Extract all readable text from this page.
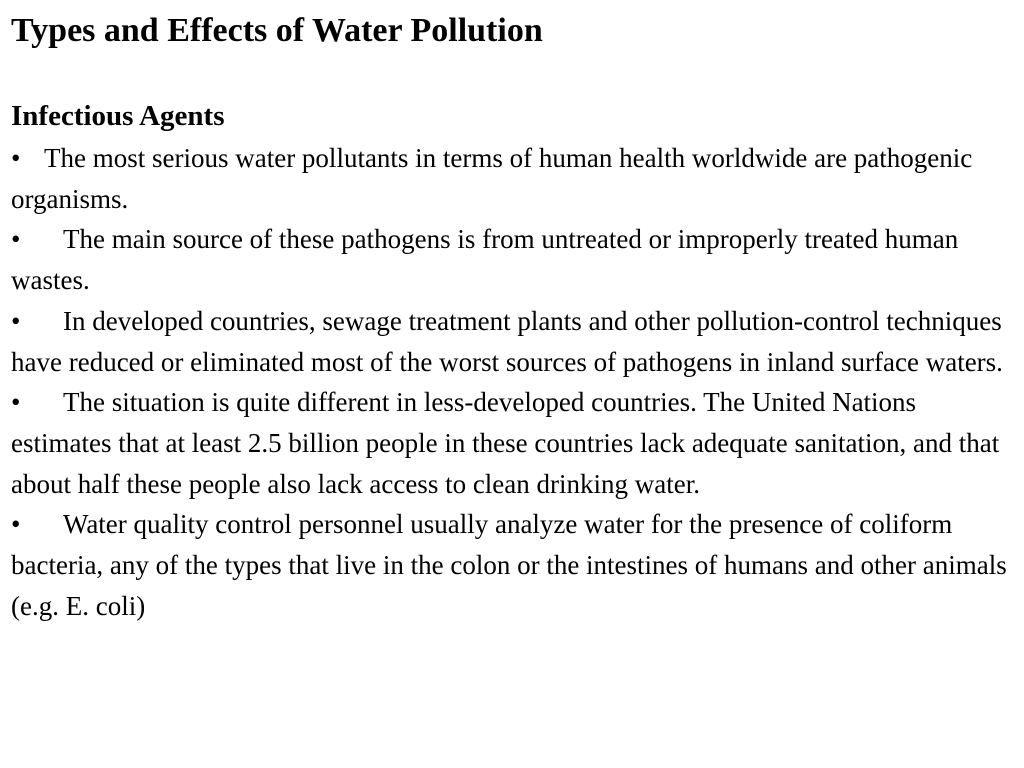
Types and Effects of Water Pollution
Infectious Agents
• The most serious water pollutants in terms of human health worldwide are pathogenic organisms.
• The main source of these pathogens is from untreated or improperly treated human wastes.
• In developed countries, sewage treatment plants and other pollution-control techniques have reduced or eliminated most of the worst sources of pathogens in inland surface waters.
• The situation is quite different in less-developed countries. The United Nations estimates that at least 2.5 billion people in these countries lack adequate sanitation, and that about half these people also lack access to clean drinking water.
• Water quality control personnel usually analyze water for the presence of coliform bacteria, any of the types that live in the colon or the intestines of humans and other animals (e.g. E. coli)
